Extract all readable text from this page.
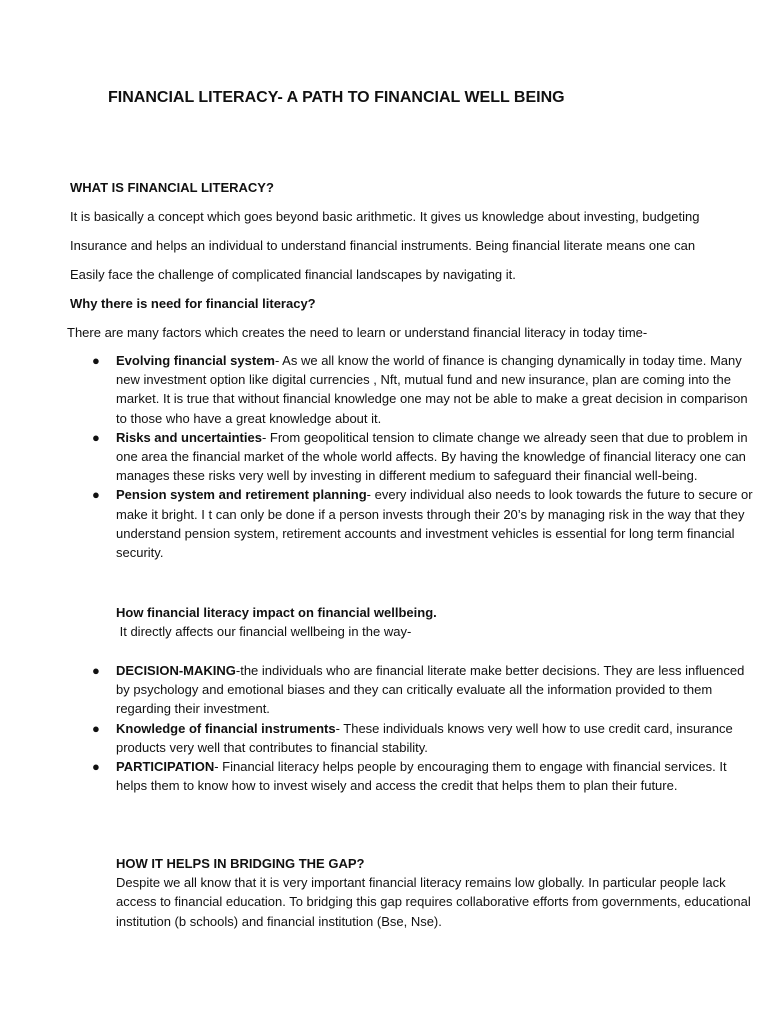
FINANCIAL LITERACY- A PATH TO FINANCIAL WELL BEING
WHAT IS FINANCIAL LITERACY?
It is basically a concept which goes beyond basic arithmetic. It gives us knowledge about investing, budgeting
Insurance and helps an individual to understand financial instruments. Being financial literate means one can
Easily face the challenge of complicated financial landscapes by navigating it.
Why there is need for financial literacy?
There are many factors which creates the need to learn or understand financial literacy in today time-
● Evolving financial system- As we all know the world of finance is changing dynamically in today time. Many new investment option like digital currencies , Nft, mutual fund and new insurance, plan are coming into the market. It is true that without financial knowledge one may not be able to make a great decision in comparison to those who have a great knowledge about it.
● Risks and uncertainties- From geopolitical tension to climate change we already seen that due to problem in one area the financial market of the whole world affects. By having the knowledge of financial literacy one can manages these risks very well by investing in different medium to safeguard their financial well-being.
● Pension system and retirement planning- every individual also needs to look towards the future to secure or make it bright. I t can only be done if a person invests through their 20’s by managing risk in the way that they understand pension system, retirement accounts and investment vehicles is essential for long term financial security.
How financial literacy impact on financial wellbeing.
It directly affects our financial wellbeing in the way-
● DECISION-MAKING-the individuals who are financial literate make better decisions. They are less influenced by psychology and emotional biases and they can critically evaluate all the information provided to them regarding their investment.
● Knowledge of financial instruments- These individuals knows very well how to use credit card, insurance products very well that contributes to financial stability.
● PARTICIPATION- Financial literacy helps people by encouraging them to engage with financial services. It helps them to know how to invest wisely and access the credit that helps them to plan their future.
HOW IT HELPS IN BRIDGING THE GAP?
Despite we all know that it is very important financial literacy remains low globally. In particular people lack access to financial education. To bridging this gap requires collaborative efforts from governments, educational institution (b schools) and financial institution (Bse, Nse).
